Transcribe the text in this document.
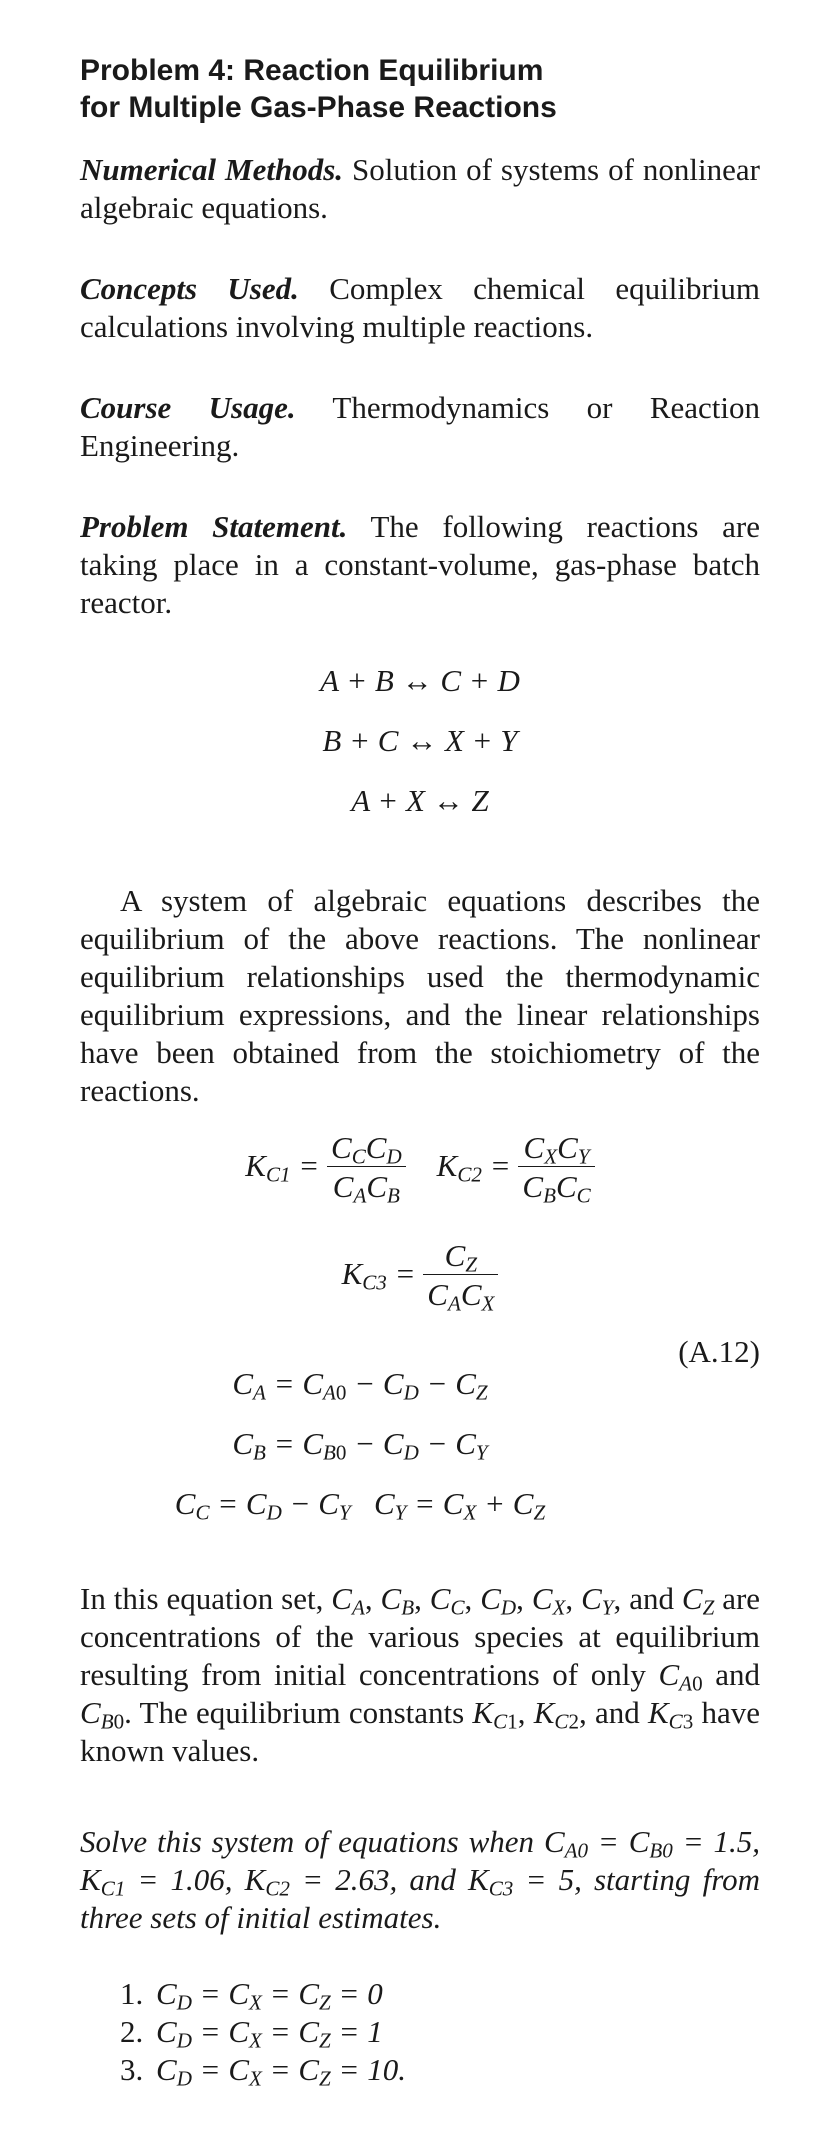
Problem 4: Reaction Equilibrium
for Multiple Gas-Phase Reactions
Numerical Methods. Solution of systems of nonlinear algebraic equations.
Concepts Used. Complex chemical equilibrium calculations involving multiple reactions.
Course Usage. Thermodynamics or Reaction Engineering.
Problem Statement. The following reactions are taking place in a constant-volume, gas-phase batch reactor.
A + B ↔ C + D
B + C ↔ X + Y
A + X ↔ Z
A system of algebraic equations describes the equilibrium of the above reactions. The nonlinear equilibrium relationships used the thermodynamic equilibrium expressions, and the linear relationships have been obtained from the stoichiometry of the reactions.
$K_{C1} = \frac{C_CC_D}{C_AC_B} K_{C2} = \frac{C_XC_Y}{C_BC_C}$
$K_{C3} = \frac{C_Z}{C_AC_X}$
(A.12)
$C_A = C_{A0} - C_D - C_Z$
$C_B = C_{B0} - C_D - C_Y$
$C_C = C_D - C_Y$   $C_Y = C_X + C_Z$
In this equation set, $C_A$, $C_B$, $C_C$, $C_D$, $C_X$, $C_Y$, and $C_Z$ are concentrations of the various species at equilibrium resulting from initial concentrations of only $C_{A0}$ and $C_{B0}$. The equilibrium constants $K_{C1}$, $K_{C2}$, and $K_{C3}$ have known values.
Solve this system of equations when $C_{A0} = C_{B0} = 1.5$, $K_{C1} = 1.06$, $K_{C2} = 2.63$, and $K_{C3} = 5$, starting from three sets of initial estimates.
1. $C_D = C_X = C_Z = 0$
2. $C_D = C_X = C_Z = 1$
3. $C_D = C_X = C_Z = 10$.
